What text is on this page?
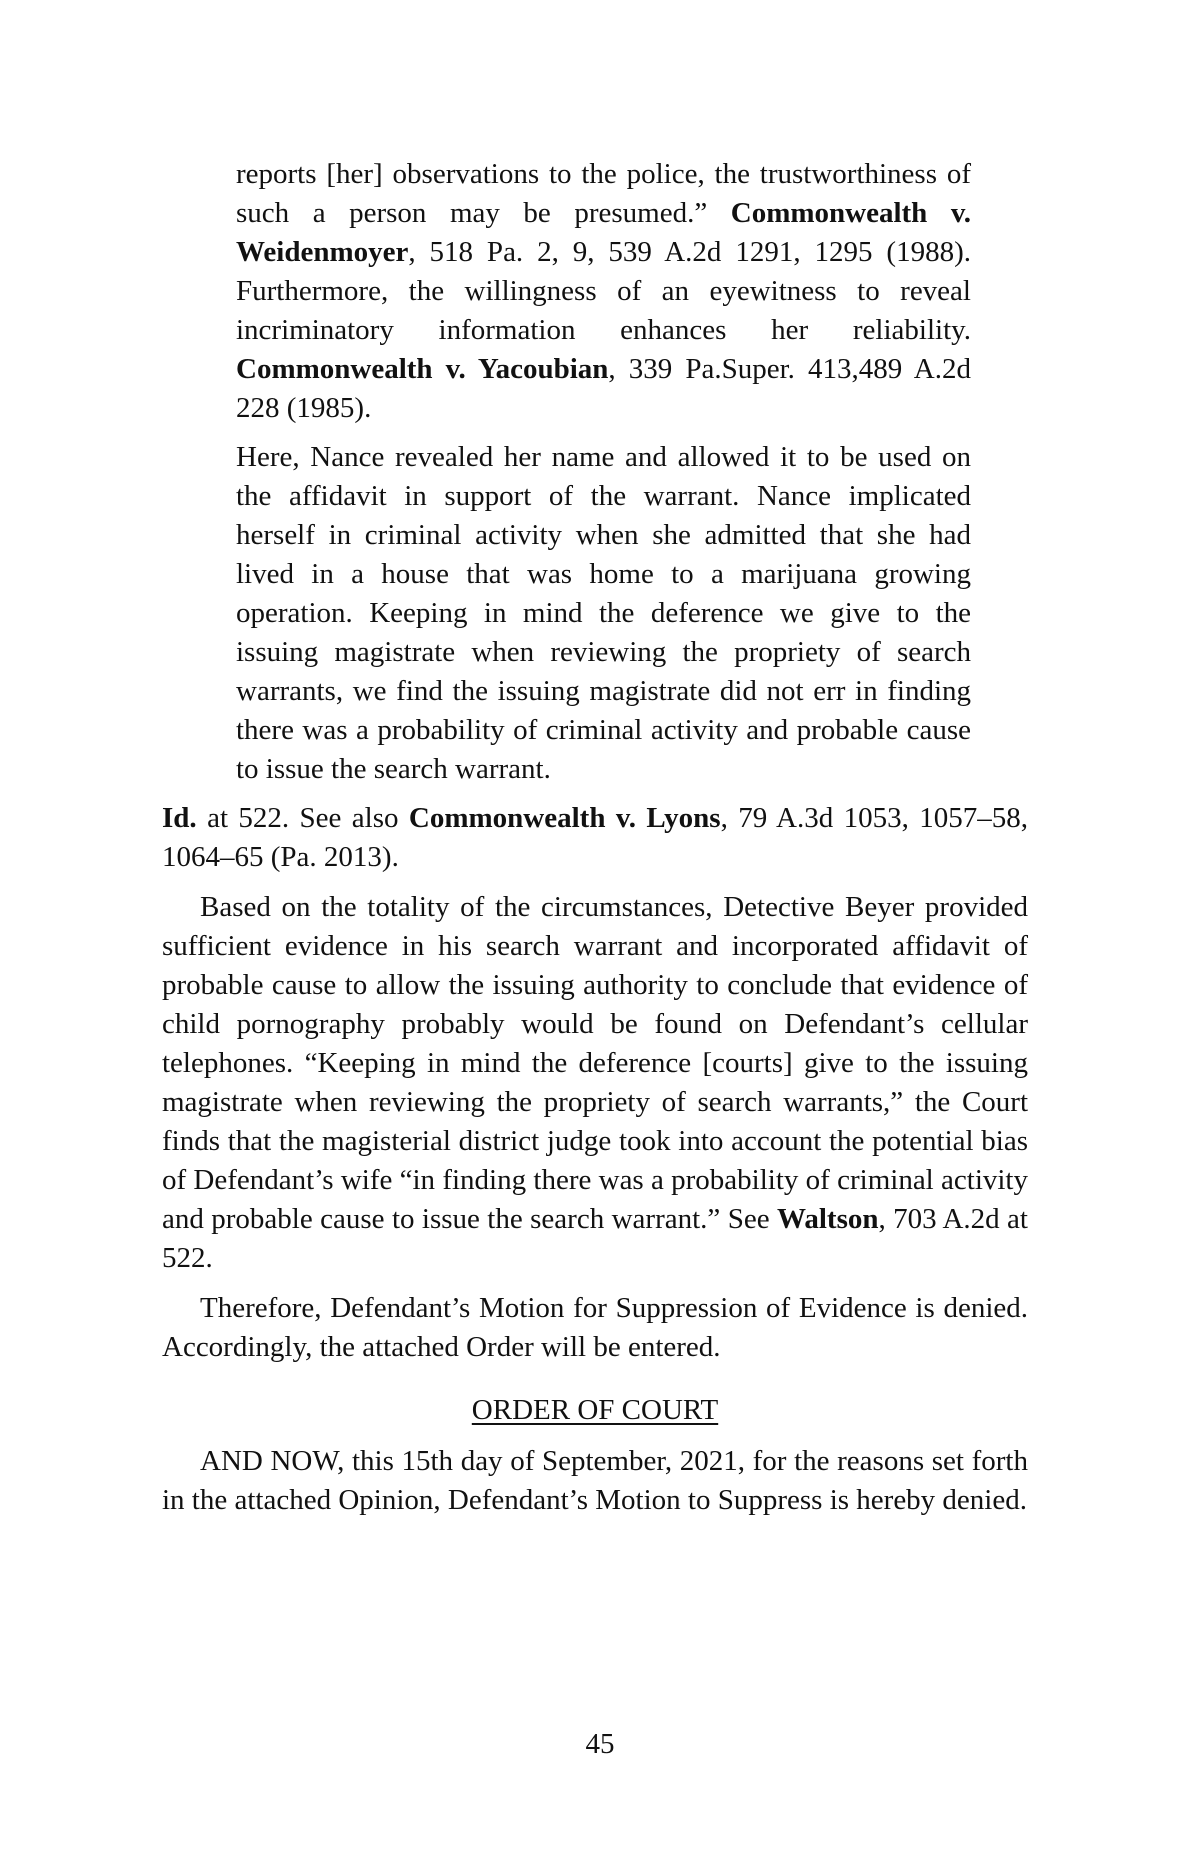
reports [her] observations to the police, the trustworthiness of such a person may be presumed.” Commonwealth v. Weidenmoyer, 518 Pa. 2, 9, 539 A.2d 1291, 1295 (1988). Furthermore, the willingness of an eyewitness to reveal incriminatory information enhances her reliability. Commonwealth v. Yacoubian, 339 Pa.Super. 413,489 A.2d 228 (1985).

Here, Nance revealed her name and allowed it to be used on the affidavit in support of the warrant. Nance implicated herself in criminal activity when she admitted that she had lived in a house that was home to a marijuana growing operation. Keeping in mind the deference we give to the issuing magistrate when reviewing the propriety of search warrants, we find the issuing magistrate did not err in finding there was a probability of criminal activity and probable cause to issue the search warrant.

Id. at 522. See also Commonwealth v. Lyons, 79 A.3d 1053, 1057–58, 1064–65 (Pa. 2013).

Based on the totality of the circumstances, Detective Beyer provided sufficient evidence in his search warrant and incorporated affidavit of probable cause to allow the issuing authority to conclude that evidence of child pornography probably would be found on Defendant’s cellular telephones. “Keeping in mind the deference [courts] give to the issuing magistrate when reviewing the propriety of search warrants,” the Court finds that the magisterial district judge took into account the potential bias of Defendant’s wife “in finding there was a probability of criminal activity and probable cause to issue the search warrant.” See Waltson, 703 A.2d at 522.

Therefore, Defendant’s Motion for Suppression of Evidence is denied. Accordingly, the attached Order will be entered.

ORDER OF COURT

AND NOW, this 15th day of September, 2021, for the reasons set forth in the attached Opinion, Defendant’s Motion to Suppress is hereby denied.

45
